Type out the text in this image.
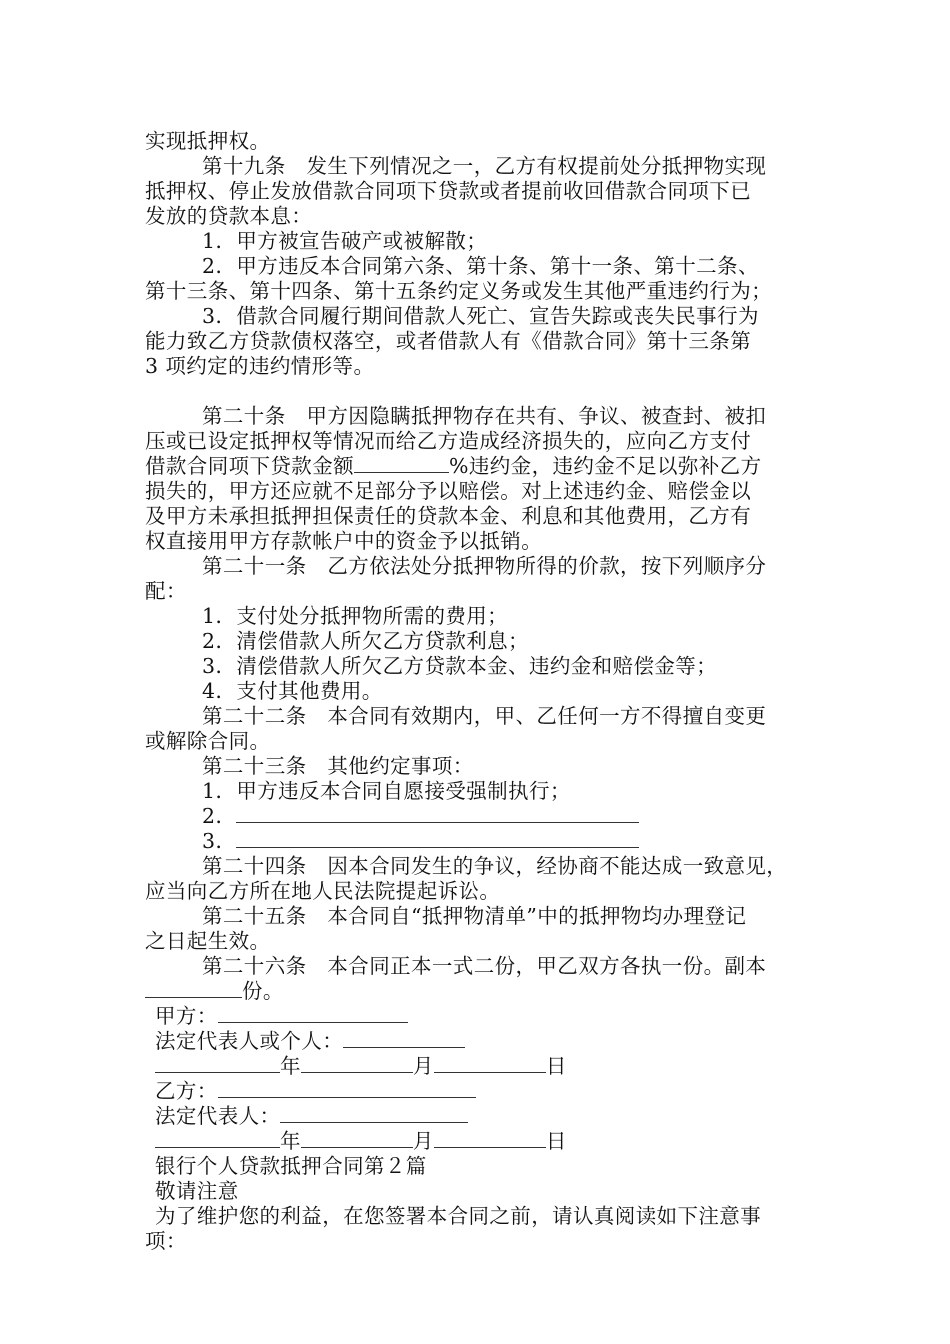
实现抵押权。
第十九条　发生下列情况之一，乙方有权提前处分抵押物实现
抵押权、停止发放借款合同项下贷款或者提前收回借款合同项下已
发放的贷款本息：
1．甲方被宣告破产或被解散；
2．甲方违反本合同第六条、第十条、第十一条、第十二条、
第十三条、第十四条、第十五条约定义务或发生其他严重违约行为；
3．借款合同履行期间借款人死亡、宣告失踪或丧失民事行为
能力致乙方贷款债权落空，或者借款人有《借款合同》第十三条第
3 项约定的违约情形等。
第二十条　甲方因隐瞒抵押物存在共有、争议、被查封、被扣
压或已设定抵押权等情况而给乙方造成经济损失的，应向乙方支付
借款合同项下贷款金额	%违约金，违约金不足以弥补乙方
损失的，甲方还应就不足部分予以赔偿。对上述违约金、赔偿金以
及甲方未承担抵押担保责任的贷款本金、利息和其他费用，乙方有
权直接用甲方存款帐户中的资金予以抵销。
第二十一条　乙方依法处分抵押物所得的价款，按下列顺序分
配：
1．支付处分抵押物所需的费用；
2．清偿借款人所欠乙方贷款利息；
3．清偿借款人所欠乙方贷款本金、违约金和赔偿金等；
4．支付其他费用。
第二十二条　本合同有效期内，甲、乙任何一方不得擅自变更
或解除合同。
第二十三条　其他约定事项：
1．甲方违反本合同自愿接受强制执行；
2．
3．
第二十四条　因本合同发生的争议，经协商不能达成一致意见，
应当向乙方所在地人民法院提起诉讼。
第二十五条　本合同自“抵押物清单”中的抵押物均办理登记
之日起生效。
第二十六条　本合同正本一式二份，甲乙双方各执一份。副本
份。
甲方：
法定代表人或个人：
年	月	日
乙方：
法定代表人：
年	月	日
银行个人贷款抵押合同第２篇
敬请注意
为了维护您的利益，在您签署本合同之前，请认真阅读如下注意事
项：
